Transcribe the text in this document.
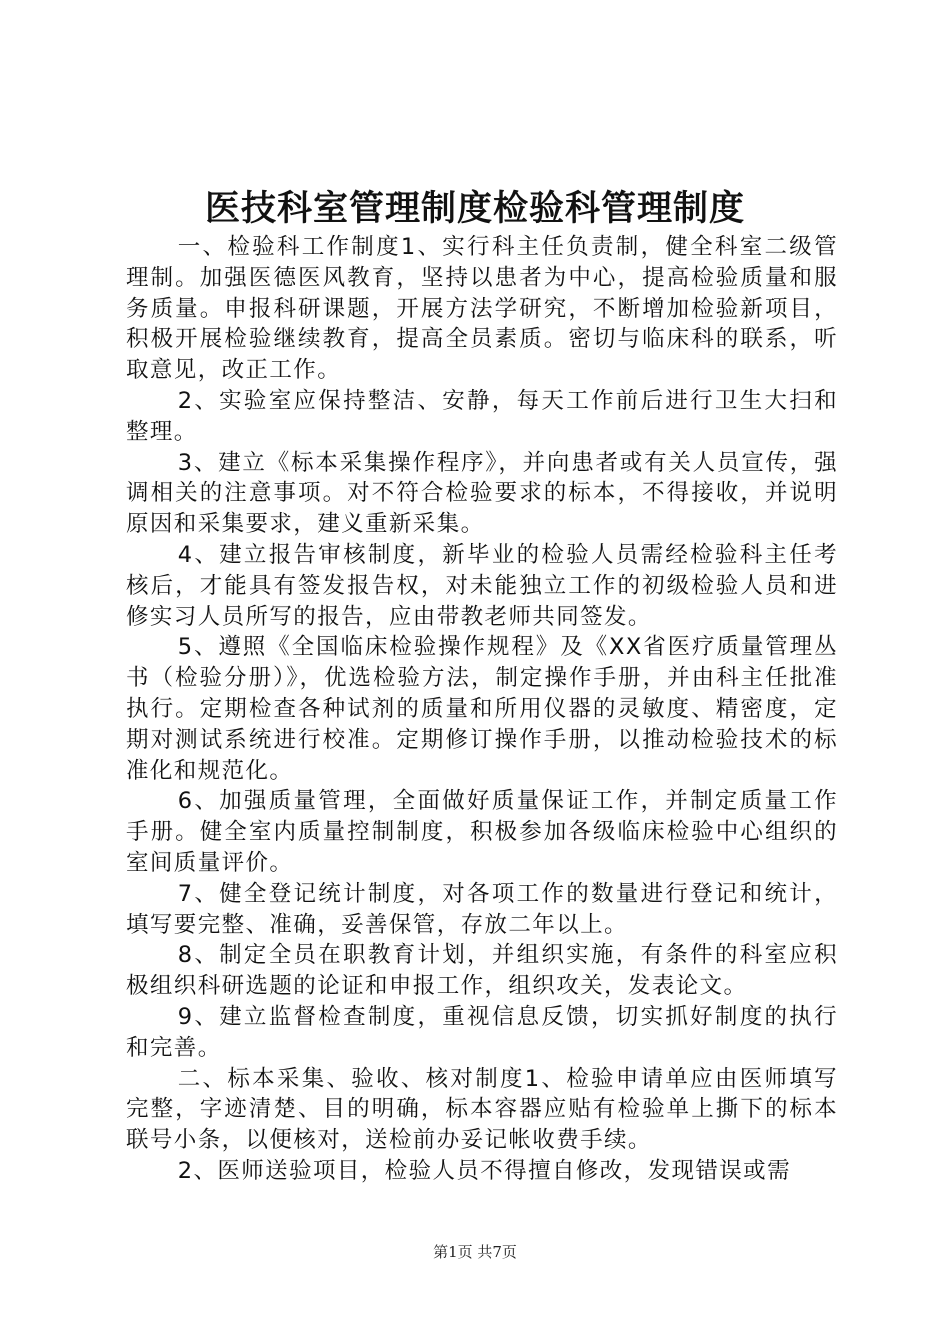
医技科室管理制度检验科管理制度

一、检验科工作制度1、实行科主任负责制，健全科室二级管理制。加强医德医风教育，坚持以患者为中心，提高检验质量和服务质量。申报科研课题，开展方法学研究，不断增加检验新项目，积极开展检验继续教育，提高全员素质。密切与临床科的联系，听取意见，改正工作。

2、实验室应保持整洁、安静，每天工作前后进行卫生大扫和整理。

3、建立《标本采集操作程序》，并向患者或有关人员宣传，强调相关的注意事项。对不符合检验要求的标本，不得接收，并说明原因和采集要求，建义重新采集。

4、建立报告审核制度，新毕业的检验人员需经检验科主任考核后，才能具有签发报告权，对未能独立工作的初级检验人员和进修实习人员所写的报告，应由带教老师共同签发。

5、遵照《全国临床检验操作规程》及《XX省医疗质量管理丛书（检验分册）》，优选检验方法，制定操作手册，并由科主任批准执行。定期检查各种试剂的质量和所用仪器的灵敏度、精密度，定期对测试系统进行校准。定期修订操作手册，以推动检验技术的标准化和规范化。

6、加强质量管理，全面做好质量保证工作，并制定质量工作手册。健全室内质量控制制度，积极参加各级临床检验中心组织的室间质量评价。

7、健全登记统计制度，对各项工作的数量进行登记和统计，填写要完整、准确，妥善保管，存放二年以上。

8、制定全员在职教育计划，并组织实施，有条件的科室应积极组织科研选题的论证和申报工作，组织攻关，发表论文。

9、建立监督检查制度，重视信息反馈，切实抓好制度的执行和完善。

二、标本采集、验收、核对制度1、检验申请单应由医师填写完整，字迹清楚、目的明确，标本容器应贴有检验单上撕下的标本联号小条，以便核对，送检前办妥记帐收费手续。

2、医师送验项目，检验人员不得擅自修改，发现错误或需

第1页 共7页
